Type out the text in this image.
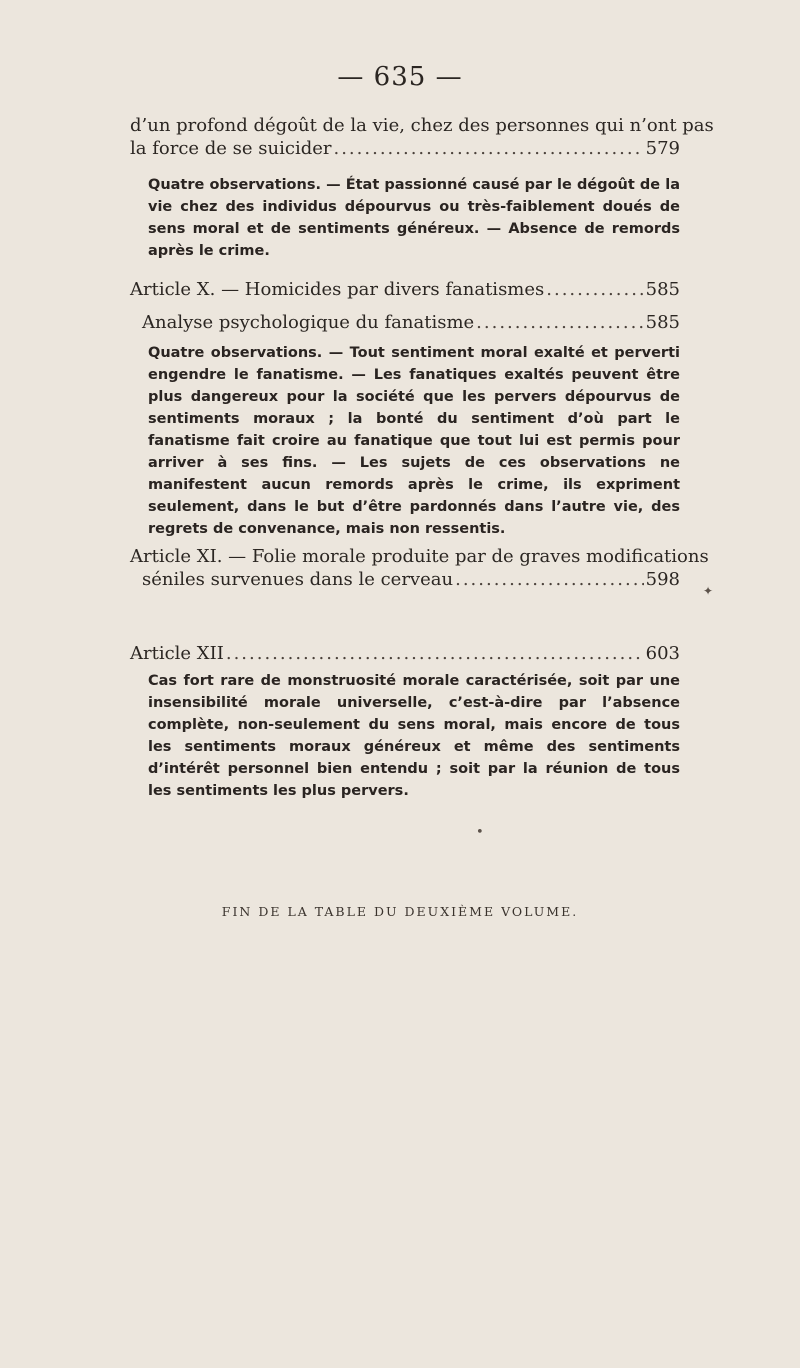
— 635 —
d’un profond dégoût de la vie, chez des personnes qui n’ont pas
la force de se suicider .....	579
Quatre observations. — État passionné causé par le dégoût de la vie chez des individus dépourvus ou très-faiblement doués de sens moral et de sentiments généreux. — Absence de remords après le crime.
Article X. — Homicides par divers fanatismes .....	585
Analyse psychologique du fanatisme .....	585
Quatre observations. — Tout sentiment moral exalté et perverti engendre le fanatisme. — Les fanatiques exaltés peuvent être plus dangereux pour la société que les pervers dépourvus de sentiments moraux ; la bonté du sentiment d’où part le fanatisme fait croire au fanatique que tout lui est permis pour arriver à ses fins. — Les sujets de ces observations ne manifestent aucun remords après le crime, ils expriment seulement, dans le but d’être pardonnés dans l’autre vie, des regrets de convenance, mais non ressentis.
Article XI. — Folie morale produite par de graves modifications
séniles survenues dans le cerveau .....	598
Article XII .....	603
Cas fort rare de monstruosité morale caractérisée, soit par une insensibilité morale universelle, c’est-à-dire par l’absence complète, non-seulement du sens moral, mais encore de tous les sentiments moraux généreux et même des sentiments d’intérêt personnel bien entendu ; soit par la réunion de tous les sentiments les plus pervers.
✦
•
FIN DE LA TABLE DU DEUXIÈME VOLUME.
